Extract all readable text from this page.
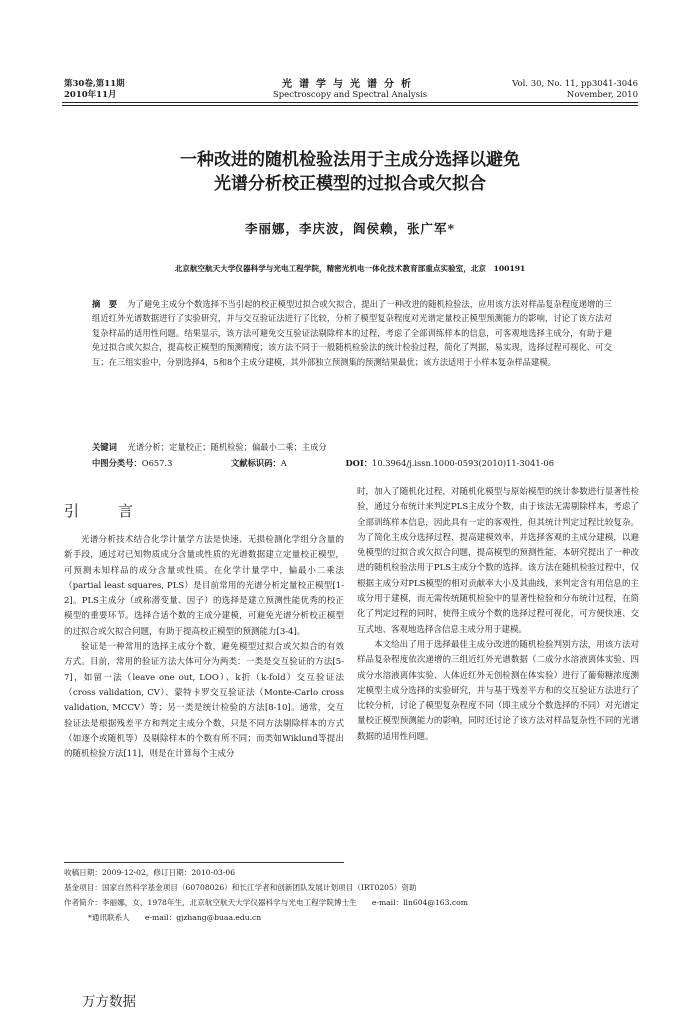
第30卷,第11期
2010年11月
光谱学与光谱分析
Spectroscopy and Spectral Analysis
Vol. 30, No. 11, pp3041-3046
November, 2010
一种改进的随机检验法用于主成分选择以避免
光谱分析校正模型的过拟合或欠拟合
李丽娜，李庆波，阎侯赖，张广军*
北京航空航天大学仪器科学与光电工程学院，精密光机电一体化技术教育部重点实验室，北京　100191
摘　要 为了避免主成分个数选择不当引起的校正模型过拟合或欠拟合，提出了一种改进的随机检验法，应用该方法对样品复杂程度递增的三组近红外光谱数据进行了实验研究，并与交互验证法进行了比较，分析了模型复杂程度对光谱定量校正模型预测能力的影响，讨论了该方法对复杂样品的适用性问题。结果显示，该方法可避免交互验证法剔除样本的过程，考虑了全部训练样本的信息，可客观地选择主成分，有助于避免过拟合或欠拟合，提高校正模型的预测精度；该方法不同于一般随机检验法的统计检验过程，简化了判据，易实现，选择过程可视化、可交互；在三组实验中，分别选择4，5和8个主成分建模，其外部独立预测集的预测结果最优；该方法适用于小样本复杂样品建模。
关键词 光谱分析；定量校正；随机检验；偏最小二乘；主成分
中图分类号：O657.3	文献标识码：A	DOI：10.3964/j.issn.1000-0593(2010)11-3041-06
引　言

光谱分析技术结合化学计量学方法是快速、无损检测化学组分含量的新手段，通过对已知物质成分含量或性质的光谱数据建立定量校正模型，可预测未知样品的成分含量或性质。在化学计量学中，偏最小二乘法（partial least squares, PLS）是目前常用的光谱分析定量校正模型[1-2]。PLS主成分（或称潜变量、因子）的选择是建立预测性能优秀的校正模型的重要环节。选择合适个数的主成分建模，可避免光谱分析校正模型的过拟合或欠拟合问题，有助于提高校正模型的预测能力[3-4]。

验证是一种常用的选择主成分个数，避免模型过拟合或欠拟合的有效方式。目前，常用的验证方法大体可分为两类：一类是交互验证的方法[5-7]，如留一法（leave one out, LOO）、k折（k-fold）交互验证法（cross validation, CV）、蒙特卡罗交互验证法（Monte-Carlo cross validation, MCCV）等；另一类是统计检验的方法[8-10]。通常，交互验证法是根据残差平方和判定主成分个数，只是不同方法剔除样本的方式（如逐个或随机等）及剔除样本的个数有所不同；而类如Wiklund等提出的随机检验方法[11]，则是在计算每个主成分

时，加入了随机化过程，对随机化模型与原始模型的统计参数进行显著性检验，通过分布统计来判定PLS主成分个数，由于该法无需剔除样本，考虑了全部训练样本信息，因此具有一定的客观性，但其统计判定过程比较复杂。为了简化主成分选择过程、提高建模效率，并选择客观的主成分建模，以避免模型的过拟合或欠拟合问题，提高模型的预测性能，本研究提出了一种改进的随机检验法用于PLS主成分个数的选择。该方法在随机检验过程中，仅根据主成分对PLS模型的相对贡献率大小及其曲线，来判定含有用信息的主成分用于建模，而无需传统随机检验中的显著性检验和分布统计过程，在简化了判定过程的同时，使得主成分个数的选择过程可视化，可方便快速、交互式地、客观地选择含信息主成分用于建模。

本文给出了用于选择最佳主成分改进的随机检验判别方法，用该方法对样品复杂程度依次递增的三组近红外光谱数据（二成分水溶液离体实验、四成分水溶液离体实验、人体近红外无创检测在体实验）进行了葡萄糖浓度测定模型主成分选择的实验研究，并与基于残差平方和的交互验证方法进行了比较分析，讨论了模型复杂程度不同（即主成分个数选择的不同）对光谱定量校正模型预测能力的影响，同时还讨论了该方法对样品复杂性不同的光谱数据的适用性问题。

收稿日期：2009-12-02，修订日期：2010-03-06
基金项目：国家自然科学基金项目（60708026）和长江学者和创新团队发展计划项目（IRT0205）资助
作者简介：李丽娜，女，1978年生，北京航空航天大学仪器科学与光电工程学院博士生　　e-mail：lln604@163.com
*通讯联系人　　e-mail：gjzhang@buaa.edu.cn
万方数据
